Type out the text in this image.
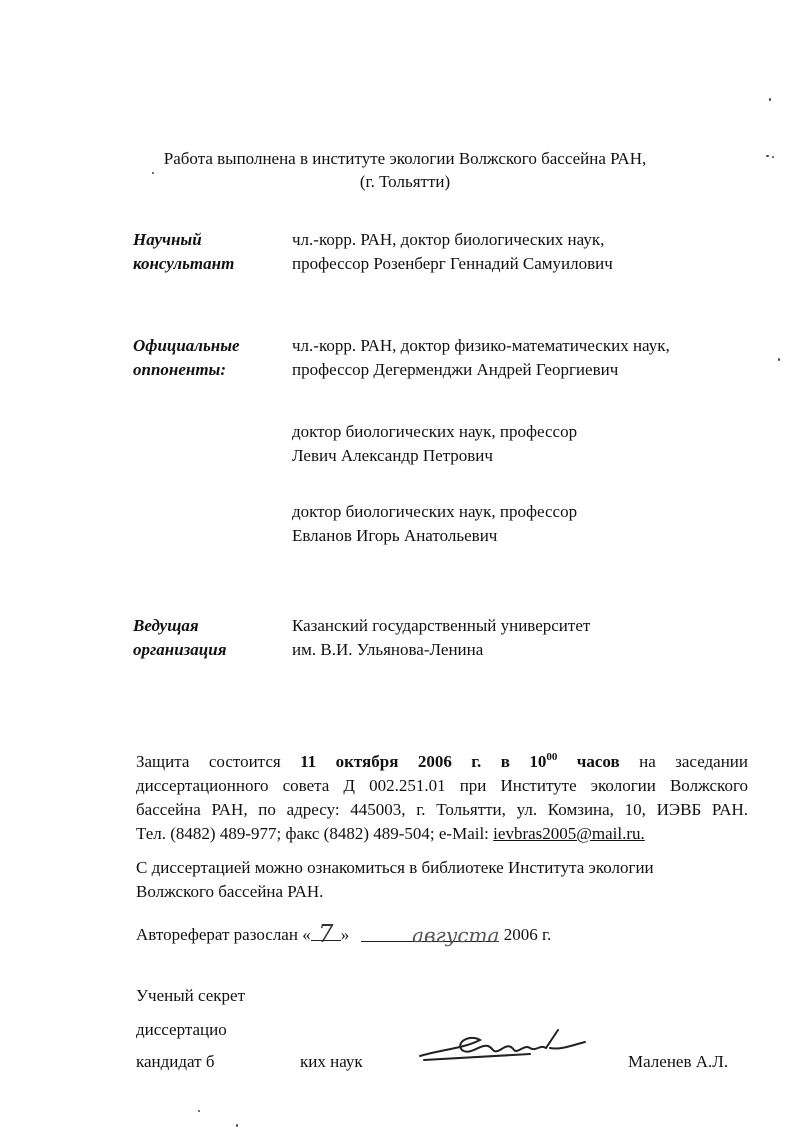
Работа выполнена в институте экологии Волжского бассейна РАН,
(г. Тольятти)
Научный
консультант
чл.-корр. РАН, доктор биологических наук,
профессор Розенберг Геннадий Самуилович
Официальные
оппоненты:
чл.-корр. РАН, доктор физико-математических наук,
профессор Дегерменджи Андрей Георгиевич
доктор биологических наук, профессор
Левич Александр Петрович
доктор биологических наук, профессор
Евланов Игорь Анатольевич
Ведущая
организация
Казанский государственный университет
им. В.И. Ульянова-Ленина
Защита состоится 11 октября 2006 г. в $10^{00}$ часов на заседании
диссертационного совета Д 002.251.01 при Институте экологии Волжского
бассейна РАН, по адресу: 445003, г. Тольятти, ул. Комзина, 10, ИЭВБ РАН.
Тел. (8482) 489-977; факс (8482) 489-504; e-Mail: ievbras2005@mail.ru.
С диссертацией можно ознакомиться в библиотеке Института экологии
Волжского бассейна РАН.
Автореферат разослан « 7 »	августа 2006 г.
Ученый секрет
диссертацио
кандидат б	ких наук	Маленев А.Л.
